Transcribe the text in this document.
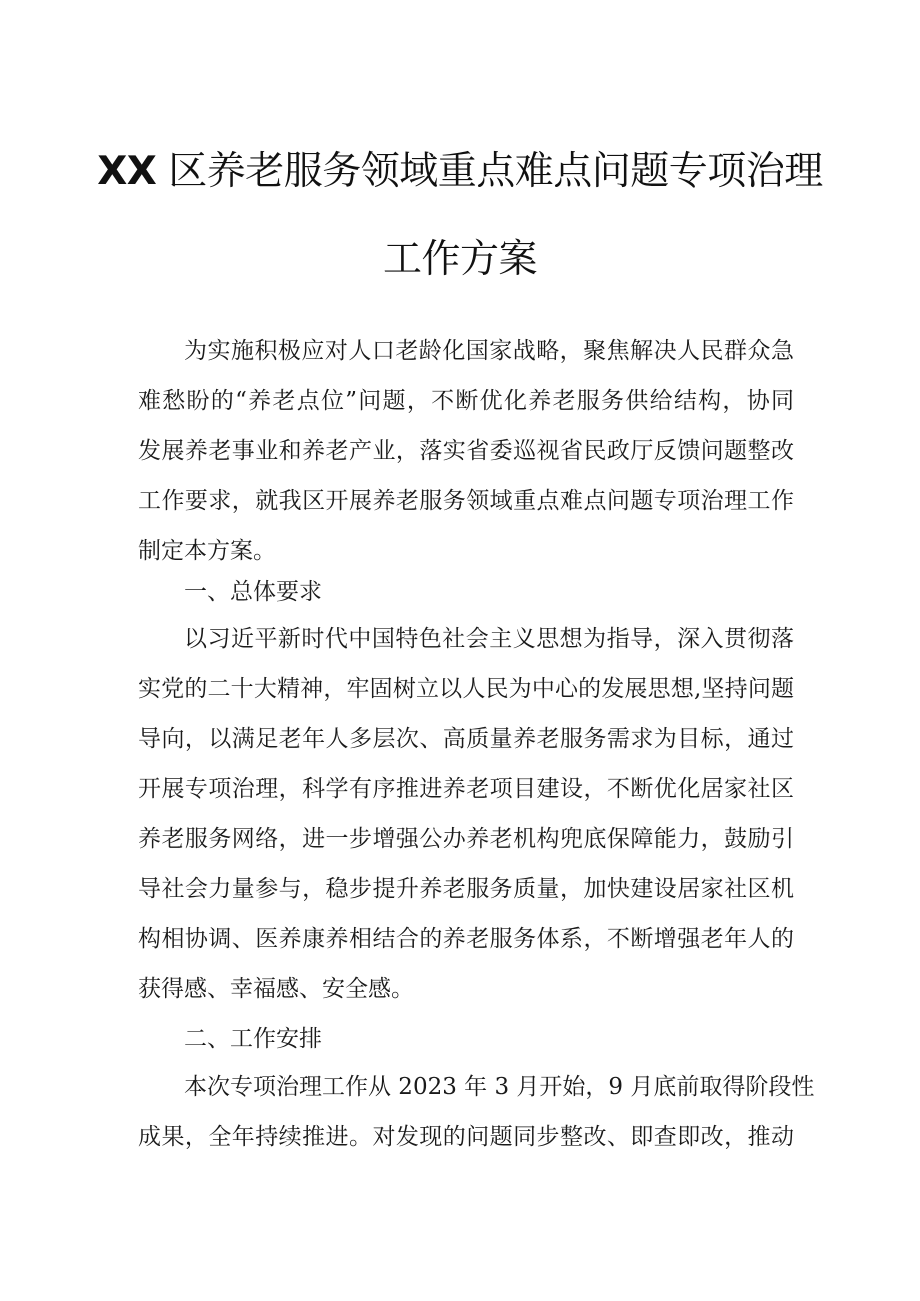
XX 区养老服务领域重点难点问题专项治理
工作方案
为实施积极应对人口老龄化国家战略，聚焦解决人民群众急
难愁盼的“养老点位”问题，不断优化养老服务供给结构，协同
发展养老事业和养老产业，落实省委巡视省民政厅反馈问题整改
工作要求，就我区开展养老服务领域重点难点问题专项治理工作
制定本方案。
一、总体要求
以习近平新时代中国特色社会主义思想为指导，深入贯彻落
实党的二十大精神，牢固树立以人民为中心的发展思想,坚持问题
导向，以满足老年人多层次、高质量养老服务需求为目标，通过
开展专项治理，科学有序推进养老项目建设，不断优化居家社区
养老服务网络，进一步增强公办养老机构兜底保障能力，鼓励引
导社会力量参与，稳步提升养老服务质量，加快建设居家社区机
构相协调、医养康养相结合的养老服务体系，不断增强老年人的
获得感、幸福感、安全感。
二、工作安排
本次专项治理工作从 2023 年 3 月开始，9 月底前取得阶段性
成果，全年持续推进。对发现的问题同步整改、即查即改，推动
